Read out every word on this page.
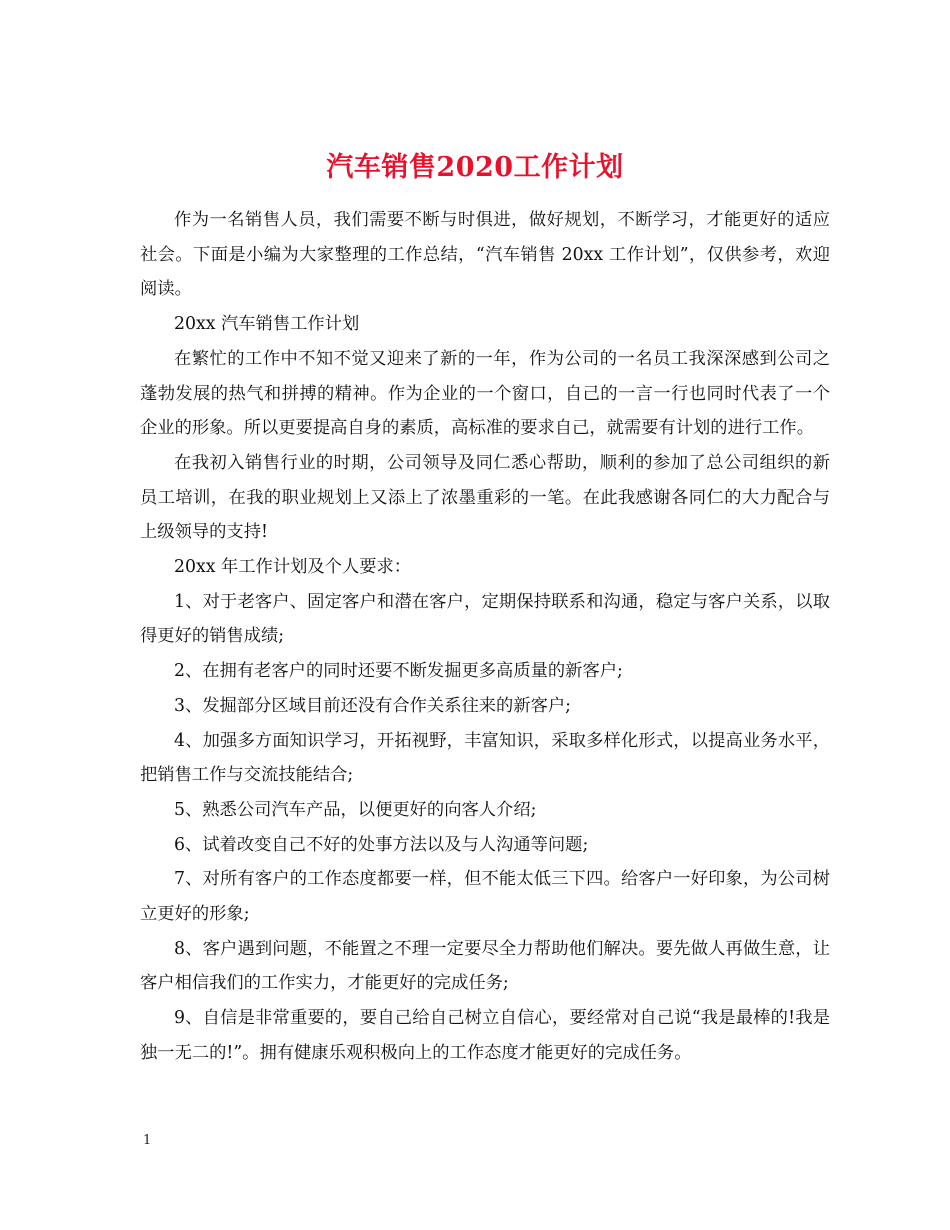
汽车销售2020工作计划

作为一名销售人员，我们需要不断与时俱进，做好规划，不断学习，才能更好的适应社会。下面是小编为大家整理的工作总结，“汽车销售 20xx 工作计划”，仅供参考，欢迎阅读。

20xx 汽车销售工作计划

在繁忙的工作中不知不觉又迎来了新的一年，作为公司的一名员工我深深感到公司之蓬勃发展的热气和拼搏的精神。作为企业的一个窗口，自己的一言一行也同时代表了一个企业的形象。所以更要提高自身的素质，高标准的要求自己，就需要有计划的进行工作。

在我初入销售行业的时期，公司领导及同仁悉心帮助，顺利的参加了总公司组织的新员工培训，在我的职业规划上又添上了浓墨重彩的一笔。在此我感谢各同仁的大力配合与上级领导的支持!

20xx 年工作计划及个人要求：

1、对于老客户、固定客户和潜在客户，定期保持联系和沟通，稳定与客户关系，以取得更好的销售成绩;

2、在拥有老客户的同时还要不断发掘更多高质量的新客户;

3、发掘部分区域目前还没有合作关系往来的新客户;

4、加强多方面知识学习，开拓视野，丰富知识，采取多样化形式，以提高业务水平，把销售工作与交流技能结合;

5、熟悉公司汽车产品，以便更好的向客人介绍;

6、试着改变自己不好的处事方法以及与人沟通等问题;

7、对所有客户的工作态度都要一样，但不能太低三下四。给客户一好印象，为公司树立更好的形象;

8、客户遇到问题，不能置之不理一定要尽全力帮助他们解决。要先做人再做生意，让客户相信我们的工作实力，才能更好的完成任务;

9、自信是非常重要的，要自己给自己树立自信心，要经常对自己说“我是最棒的!我是独一无二的!”。拥有健康乐观积极向上的工作态度才能更好的完成任务。

1
